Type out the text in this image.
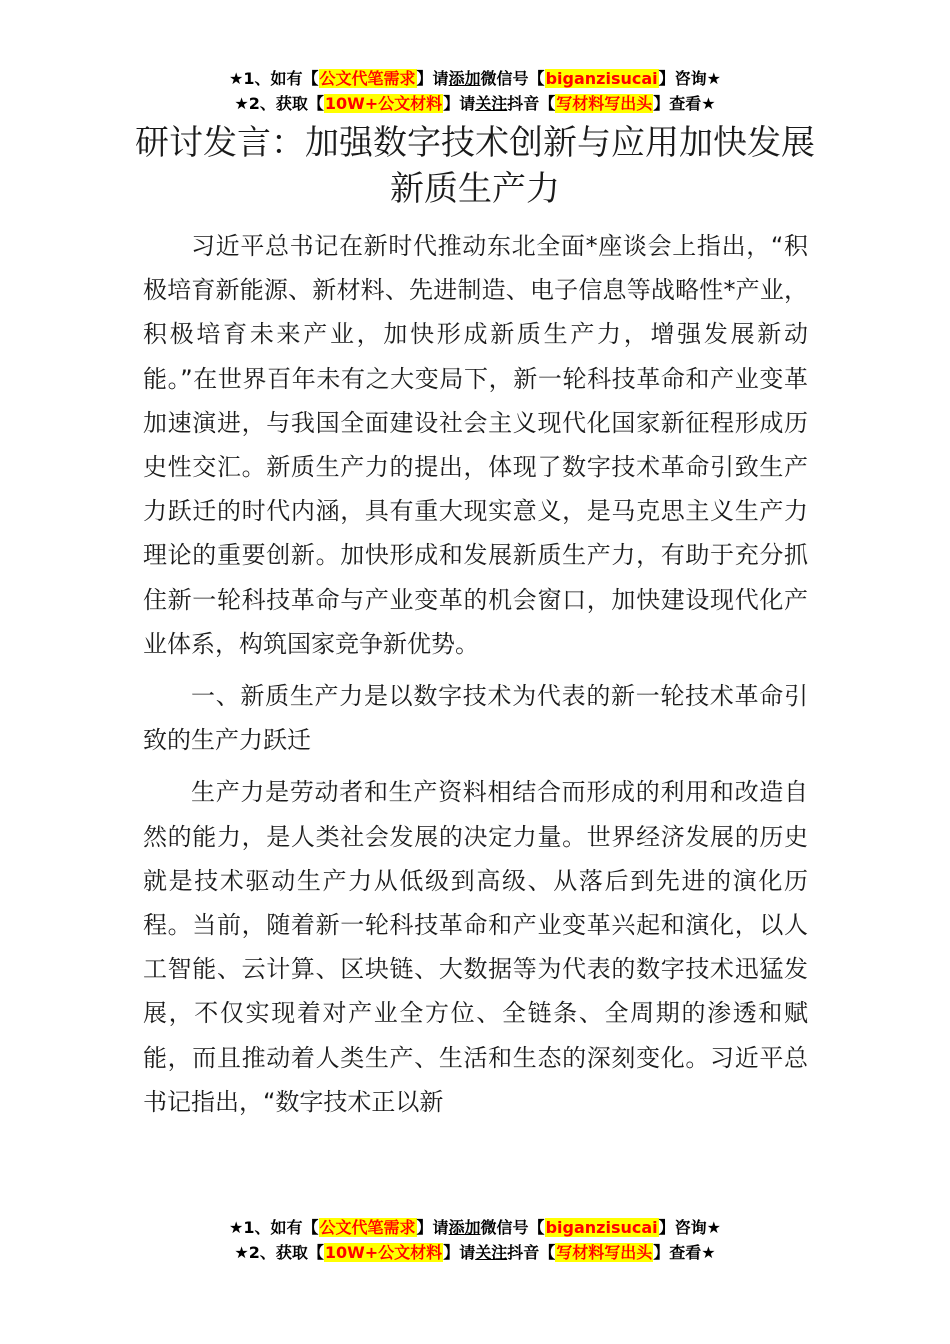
★1、如有【公文代笔需求】请添加微信号【biganzisucai】咨询★
★2、获取【10W+公文材料】请关注抖音【写材料写出头】查看★
研讨发言：加强数字技术创新与应用加快发展新质生产力

习近平总书记在新时代推动东北全面*座谈会上指出，“积极培育新能源、新材料、先进制造、电子信息等战略性*产业，积极培育未来产业，加快形成新质生产力，增强发展新动能。”在世界百年未有之大变局下，新一轮科技革命和产业变革加速演进，与我国全面建设社会主义现代化国家新征程形成历史性交汇。新质生产力的提出，体现了数字技术革命引致生产力跃迁的时代内涵，具有重大现实意义，是马克思主义生产力理论的重要创新。加快形成和发展新质生产力，有助于充分抓住新一轮科技革命与产业变革的机会窗口，加快建设现代化产业体系，构筑国家竞争新优势。

一、新质生产力是以数字技术为代表的新一轮技术革命引致的生产力跃迁

生产力是劳动者和生产资料相结合而形成的利用和改造自然的能力，是人类社会发展的决定力量。世界经济发展的历史就是技术驱动生产力从低级到高级、从落后到先进的演化历程。当前，随着新一轮科技革命和产业变革兴起和演化，以人工智能、云计算、区块链、大数据等为代表的数字技术迅猛发展，不仅实现着对产业全方位、全链条、全周期的渗透和赋能，而且推动着人类生产、生活和生态的深刻变化。习近平总书记指出，“数字技术正以新

★1、如有【公文代笔需求】请添加微信号【biganzisucai】咨询★
★2、获取【10W+公文材料】请关注抖音【写材料写出头】查看★
